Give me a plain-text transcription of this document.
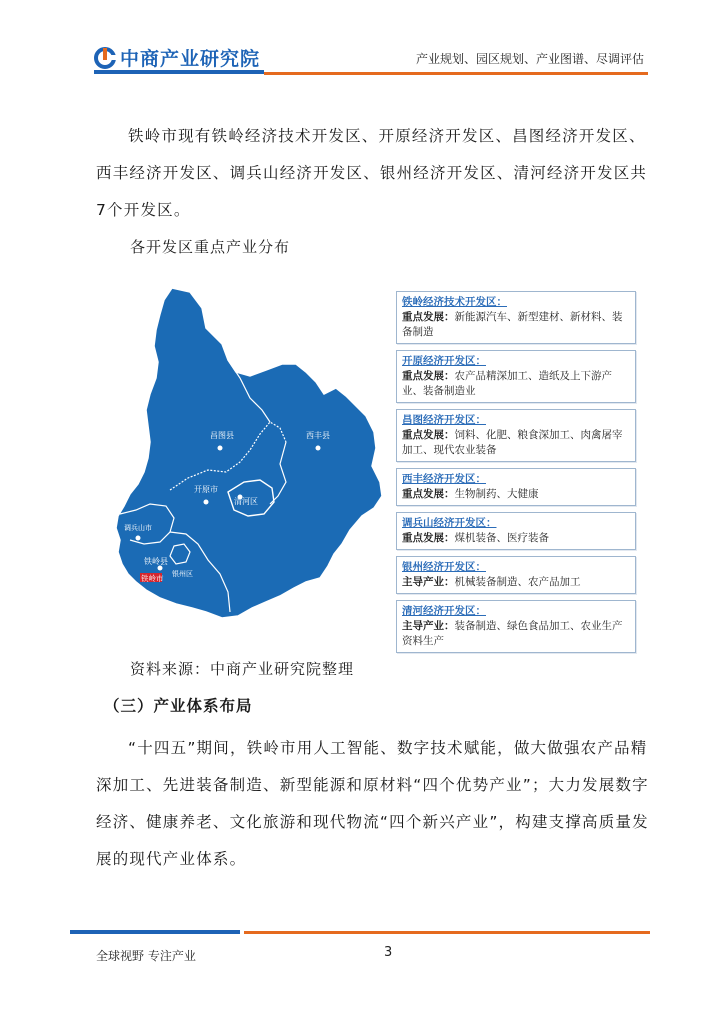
中商产业研究院	产业规划、园区规划、产业图谱、尽调评估
铁岭市现有铁岭经济技术开发区、开原经济开发区、昌图经济开发区、西丰经济开发区、调兵山经济开发区、银州经济开发区、清河经济开发区共7个开发区。
各开发区重点产业分布
昌图县	西丰县
开原市
清河区
调兵山市
铁岭县
银州区
铁岭市
铁岭经济技术开发区：
重点发展：新能源汽车、新型建材、新材料、装备制造
开原经济开发区：
重点发展：农产品精深加工、造纸及上下游产业、装备制造业
昌图经济开发区：
重点发展：饲料、化肥、粮食深加工、肉禽屠宰加工、现代农业装备
西丰经济开发区：
重点发展：生物制药、大健康
调兵山经济开发区：
重点发展：煤机装备、医疗装备
银州经济开发区：
主导产业：机械装备制造、农产品加工
清河经济开发区：
主导产业：装备制造、绿色食品加工、农业生产资料生产
资料来源：中商产业研究院整理
（三）产业体系布局
“十四五”期间，铁岭市用人工智能、数字技术赋能，做大做强农产品精深加工、先进装备制造、新型能源和原材料“四个优势产业”；大力发展数字经济、健康养老、文化旅游和现代物流“四个新兴产业”，构建支撑高质量发展的现代产业体系。
全球视野 专注产业	3
